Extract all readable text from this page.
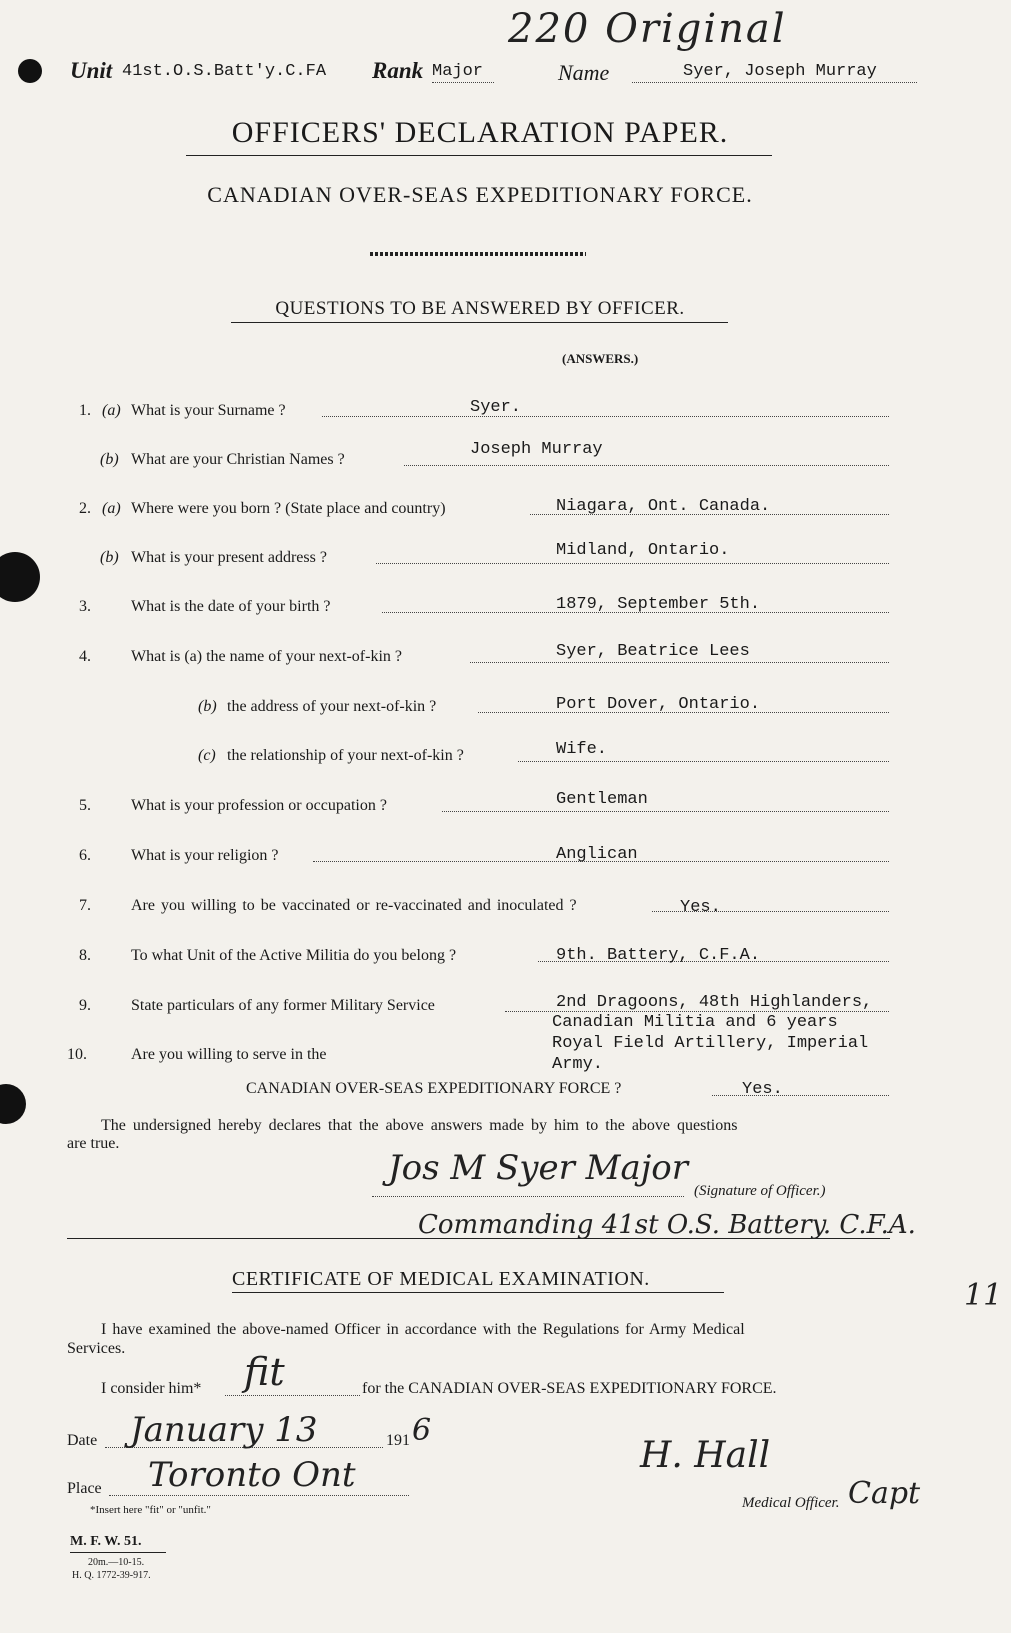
220 Original
Unit 41st.O.S.Batt'y.C.FA Rank Major	Name	Syer, Joseph Murray
OFFICERS' DECLARATION PAPER.
CANADIAN OVER-SEAS EXPEDITIONARY FORCE.
QUESTIONS TO BE ANSWERED BY OFFICER.
(ANSWERS.)
1. (a) What is your Surname ?	Syer.
(b) What are your Christian Names ?
Joseph Murray
2. (a) Where were you born ? (State place and country)	Niagara, Ont. Canada.
(b) What is your present address ?	Midland, Ontario.
3.	What is the date of your birth ?	1879, September 5th.
4.	What is (a) the name of your next-of-kin ?	Syer, Beatrice Lees
(b) the address of your next-of-kin ?	Port Dover, Ontario.
(c) the relationship of your next-of-kin ?	Wife.
5.	What is your profession or occupation ?	Gentleman
6.	What is your religion ?	Anglican
7.	Are you willing to be vaccinated or re-vaccinated and inoculated ?	Yes.
8.	To what Unit of the Active Militia do you belong ?	9th. Battery, C.F.A.
9.	State particulars of any former Military Service	2nd Dragoons, 48th Highlanders,
Canadian Militia and 6 years
Royal Field Artillery, Imperial
Army.
10.	Are you willing to serve in the
CANADIAN OVER-SEAS EXPEDITIONARY FORCE ?	Yes.
The undersigned hereby declares that the above answers made by him to the above questions
are true.
Jos M Syer Major
(Signature of Officer.)
Commanding 41st O.S. Battery. C.F.A.
CERTIFICATE OF MEDICAL EXAMINATION.
I have examined the above-named Officer in accordance with the Regulations for Army Medical
Services.
I consider him* fit	for the CANADIAN OVER-SEAS EXPEDITIONARY FORCE.
Date January 13	191 6
Place Toronto Ont	H. Hall
Medical Officer. Capt
*Insert here "fit" or "unfit."
M. F. W. 51.
20m.—10-15.
H. Q. 1772-39-917.
11
